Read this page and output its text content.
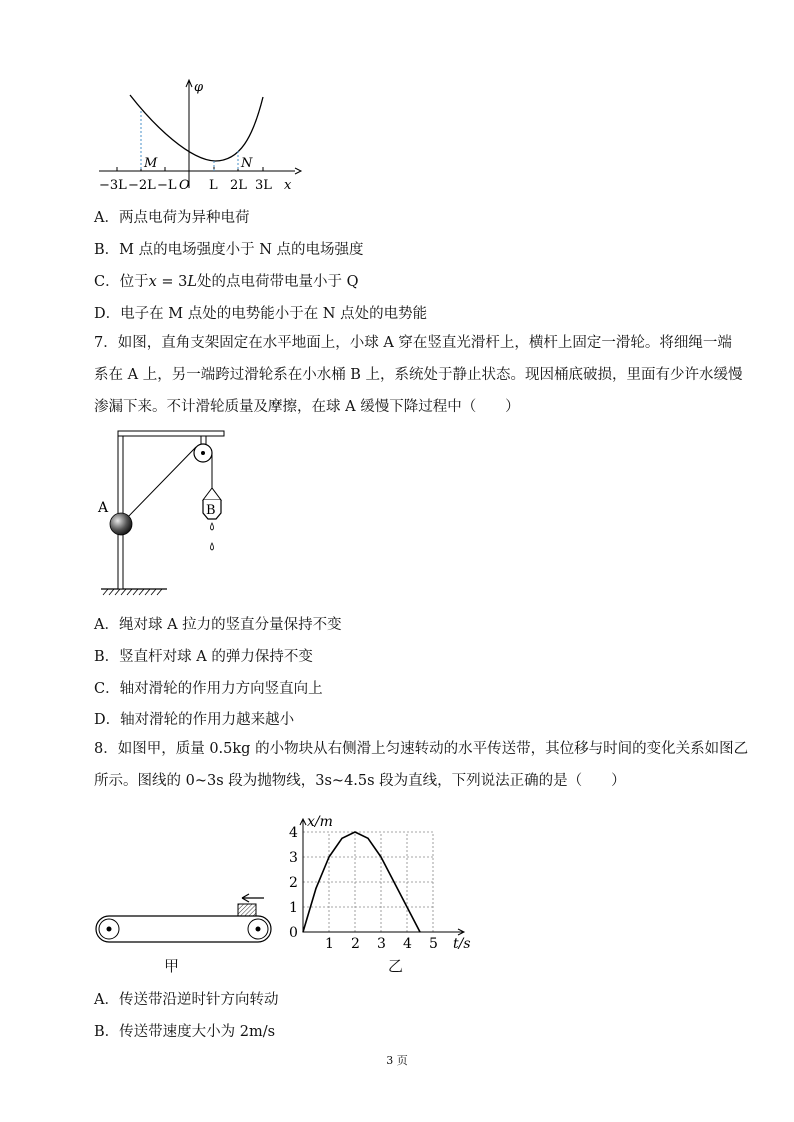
φ
x
M	N
−3L −2L −L O L 2L 3L
A．两点电荷为异种电荷
B．M 点的电场强度小于 N 点的电场强度
C．位于𝑥 = 3𝐿处的点电荷带电量小于 Q
D．电子在 M 点处的电势能小于在 N 点处的电势能
7．如图，直角支架固定在水平地面上，小球 A 穿在竖直光滑杆上，横杆上固定一滑轮。将细绳一端
系在 A 上，另一端跨过滑轮系在小水桶 B 上，系统处于静止状态。现因桶底破损，里面有少许水缓慢
渗漏下来。不计滑轮质量及摩擦，在球 A 缓慢下降过程中（　　）
B
A
A．绳对球 A 拉力的竖直分量保持不变
B．竖直杆对球 A 的弹力保持不变
C．轴对滑轮的作用力方向竖直向上
D．轴对滑轮的作用力越来越小
8．如图甲，质量 0.5kg 的小物块从右侧滑上匀速转动的水平传送带，其位移与时间的变化关系如图乙
所示。图线的 0~3s 段为抛物线，3s~4.5s 段为直线，下列说法正确的是（　　）
甲
1 2 3 4 5
0
1
2
3
4
x/m
t/s
乙
A．传送带沿逆时针方向转动
B．传送带速度大小为 2m/s
3 页
